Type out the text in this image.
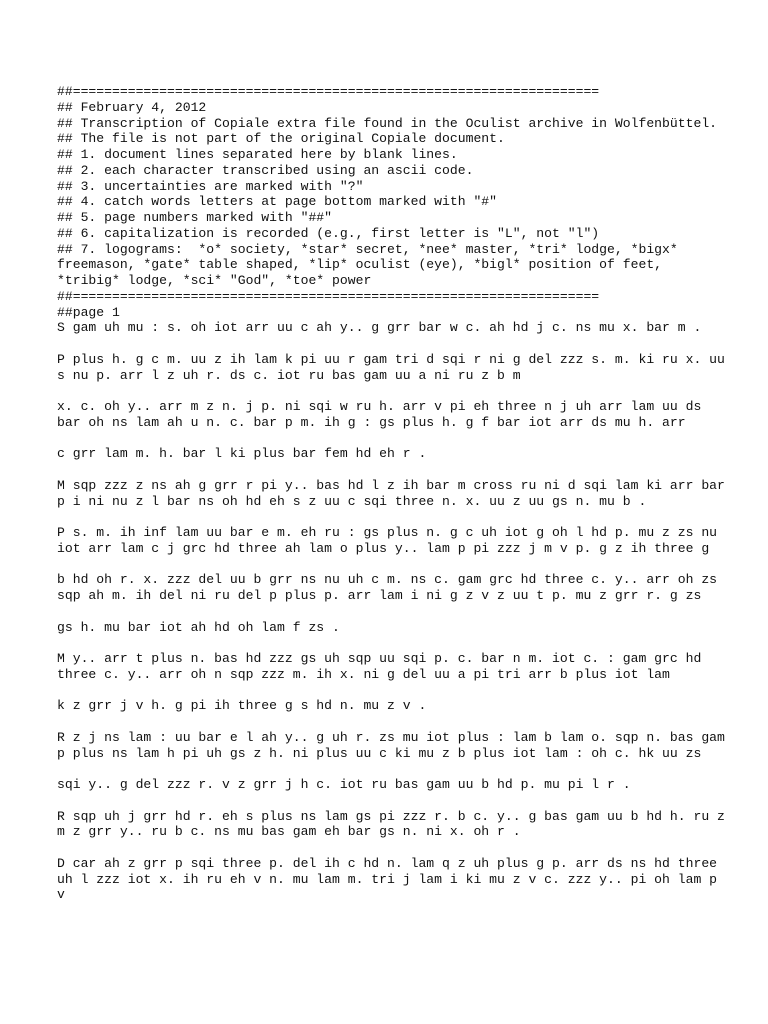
##===================================================================

## February 4, 2012

## Transcription of Copiale extra file found in the Oculist archive in Wolfenbüttel.

## The file is not part of the original Copiale document.

## 1. document lines separated here by blank lines.

## 2. each character transcribed using an ascii code.

## 3. uncertainties are marked with "?"

## 4. catch words letters at page bottom marked with "#"

## 5. page numbers marked with "##"

## 6. capitalization is recorded (e.g., first letter is "L", not "l")

## 7. logograms:  *o* society, *star* secret, *nee* master, *tri* lodge, *bigx* freemason, *gate* table shaped, *lip* oculist (eye), *bigl* position of feet, *tribig* lodge, *sci* "God", *toe* power

##===================================================================

##page 1

S gam uh mu : s. oh iot arr uu c ah y.. g grr bar w c. ah hd j c. ns mu x. bar m .

P plus h. g c m. uu z ih lam k pi uu r gam tri d sqi r ni g del zzz s. m. ki ru x. uu s nu p. arr l z uh r. ds c. iot ru bas gam uu a ni ru z b m

x. c. oh y.. arr m z n. j p. ni sqi w ru h. arr v pi eh three n j uh arr lam uu ds bar oh ns lam ah u n. c. bar p m. ih g : gs plus h. g f bar iot arr ds mu h. arr

c grr lam m. h. bar l ki plus bar fem hd eh r .

M sqp zzz z ns ah g grr r pi y.. bas hd l z ih bar m cross ru ni d sqi lam ki arr bar p i ni nu z l bar ns oh hd eh s z uu c sqi three n. x. uu z uu gs n. mu b .

P s. m. ih inf lam uu bar e m. eh ru : gs plus n. g c uh iot g oh l hd p. mu z zs nu iot arr lam c j grc hd three ah lam o plus y.. lam p pi zzz j m v p. g z ih three g

b hd oh r. x. zzz del uu b grr ns nu uh c m. ns c. gam grc hd three c. y.. arr oh zs sqp ah m. ih del ni ru del p plus p. arr lam i ni g z v z uu t p. mu z grr r. g zs

gs h. mu bar iot ah hd oh lam f zs .

M y.. arr t plus n. bas hd zzz gs uh sqp uu sqi p. c. bar n m. iot c. : gam grc hd three c. y.. arr oh n sqp zzz m. ih x. ni g del uu a pi tri arr b plus iot lam

k z grr j v h. g pi ih three g s hd n. mu z v .

R z j ns lam : uu bar e l ah y.. g uh r. zs mu iot plus : lam b lam o. sqp n. bas gam p plus ns lam h pi uh gs z h. ni plus uu c ki mu z b plus iot lam : oh c. hk uu zs

sqi y.. g del zzz r. v z grr j h c. iot ru bas gam uu b hd p. mu pi l r .

R sqp uh j grr hd r. eh s plus ns lam gs pi zzz r. b c. y.. g bas gam uu b hd h. ru z m z grr y.. ru b c. ns mu bas gam eh bar gs n. ni x. oh r .

D car ah z grr p sqi three p. del ih c hd n. lam q z uh plus g p. arr ds ns hd three uh l zzz iot x. ih ru eh v n. mu lam m. tri j lam i ki mu z v c. zzz y.. pi oh lam p v
